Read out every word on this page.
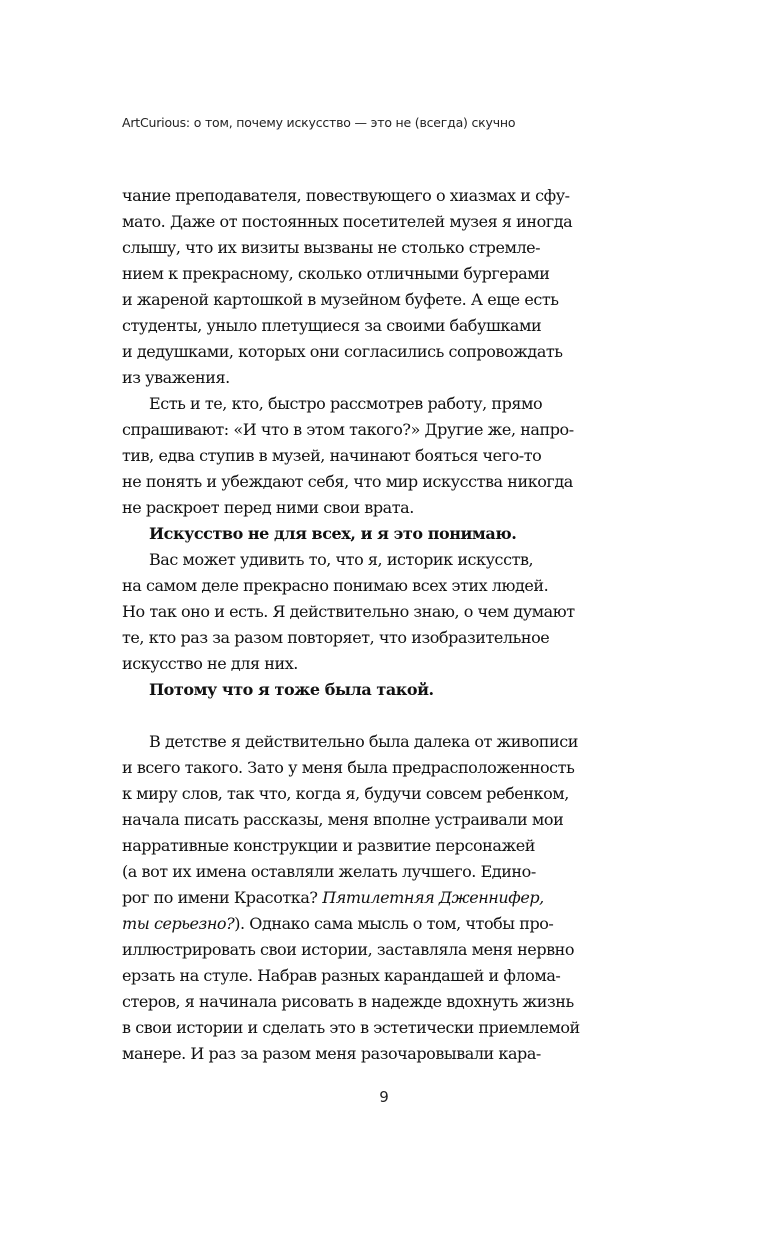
ArtCurious: о том, почему искусство — это не (всегда) скучно
чание преподавателя, повествующего о хиазмах и сфу-
мато. Даже от постоянных посетителей музея я иногда
слышу, что их визиты вызваны не столько стремле-
нием к прекрасному, сколько отличными бургерами
и жареной картошкой в музейном буфете. А еще есть
студенты, уныло плетущиеся за своими бабушками
и дедушками, которых они согласились сопровождать
из уважения.
Есть и те, кто, быстро рассмотрев работу, прямо
спрашивают: «И что в этом такого?» Другие же, напро-
тив, едва ступив в музей, начинают бояться чего-то
не понять и убеждают себя, что мир искусства никогда
не раскроет перед ними свои врата.
Искусство не для всех, и я это понимаю.
Вас может удивить то, что я, историк искусств,
на самом деле прекрасно понимаю всех этих людей.
Но так оно и есть. Я действительно знаю, о чем думают
те, кто раз за разом повторяет, что изобразительное
искусство не для них.
Потому что я тоже была такой.
В детстве я действительно была далека от живописи
и всего такого. Зато у меня была предрасположенность
к миру слов, так что, когда я, будучи совсем ребенком,
начала писать рассказы, меня вполне устраивали мои
нарративные конструкции и развитие персонажей
(а вот их имена оставляли желать лучшего. Едино-
рог по имени Красотка? Пятилетняя Дженнифер,
ты серьезно?). Однако сама мысль о том, чтобы про-
иллюстрировать свои истории, заставляла меня нервно
ерзать на стуле. Набрав разных карандашей и флома-
стеров, я начинала рисовать в надежде вдохнуть жизнь
в свои истории и сделать это в эстетически приемлемой
манере. И раз за разом меня разочаровывали кара-
9
